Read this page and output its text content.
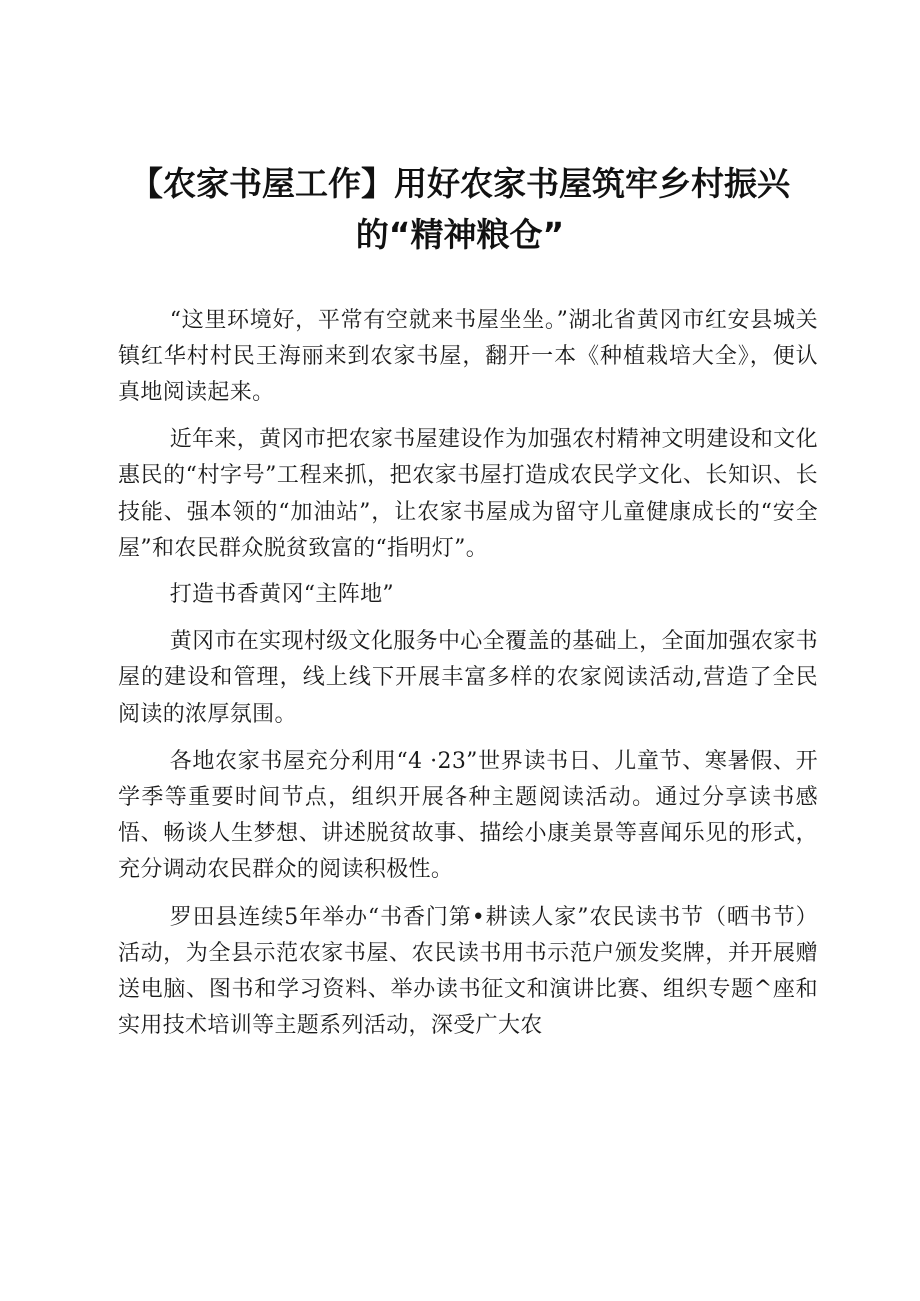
【农家书屋工作】用好农家书屋筑牢乡村振兴
的“精神粮仓”

“这里环境好，平常有空就来书屋坐坐。”湖北省黄冈市红安县城关镇红华村村民王海丽来到农家书屋，翻开一本《种植栽培大全》，便认真地阅读起来。

近年来，黄冈市把农家书屋建设作为加强农村精神文明建设和文化惠民的“村字号”工程来抓，把农家书屋打造成农民学文化、长知识、长技能、强本领的“加油站”，让农家书屋成为留守儿童健康成长的“安全屋”和农民群众脱贫致富的“指明灯”。

打造书香黄冈“主阵地”

黄冈市在实现村级文化服务中心全覆盖的基础上，全面加强农家书屋的建设和管理，线上线下开展丰富多样的农家阅读活动,营造了全民阅读的浓厚氛围。

各地农家书屋充分利用“4 ·23”世界读书日、儿童节、寒暑假、开学季等重要时间节点，组织开展各种主题阅读活动。通过分享读书感悟、畅谈人生梦想、讲述脱贫故事、描绘小康美景等喜闻乐见的形式，充分调动农民群众的阅读积极性。

罗田县连续5年举办“书香门第•耕读人家”农民读书节（晒书节）活动，为全县示范农家书屋、农民读书用书示范户颁发奖牌，并开展赠送电脑、图书和学习资料、举办读书征文和演讲比赛、组织专题^座和实用技术培训等主题系列活动，深受广大农
